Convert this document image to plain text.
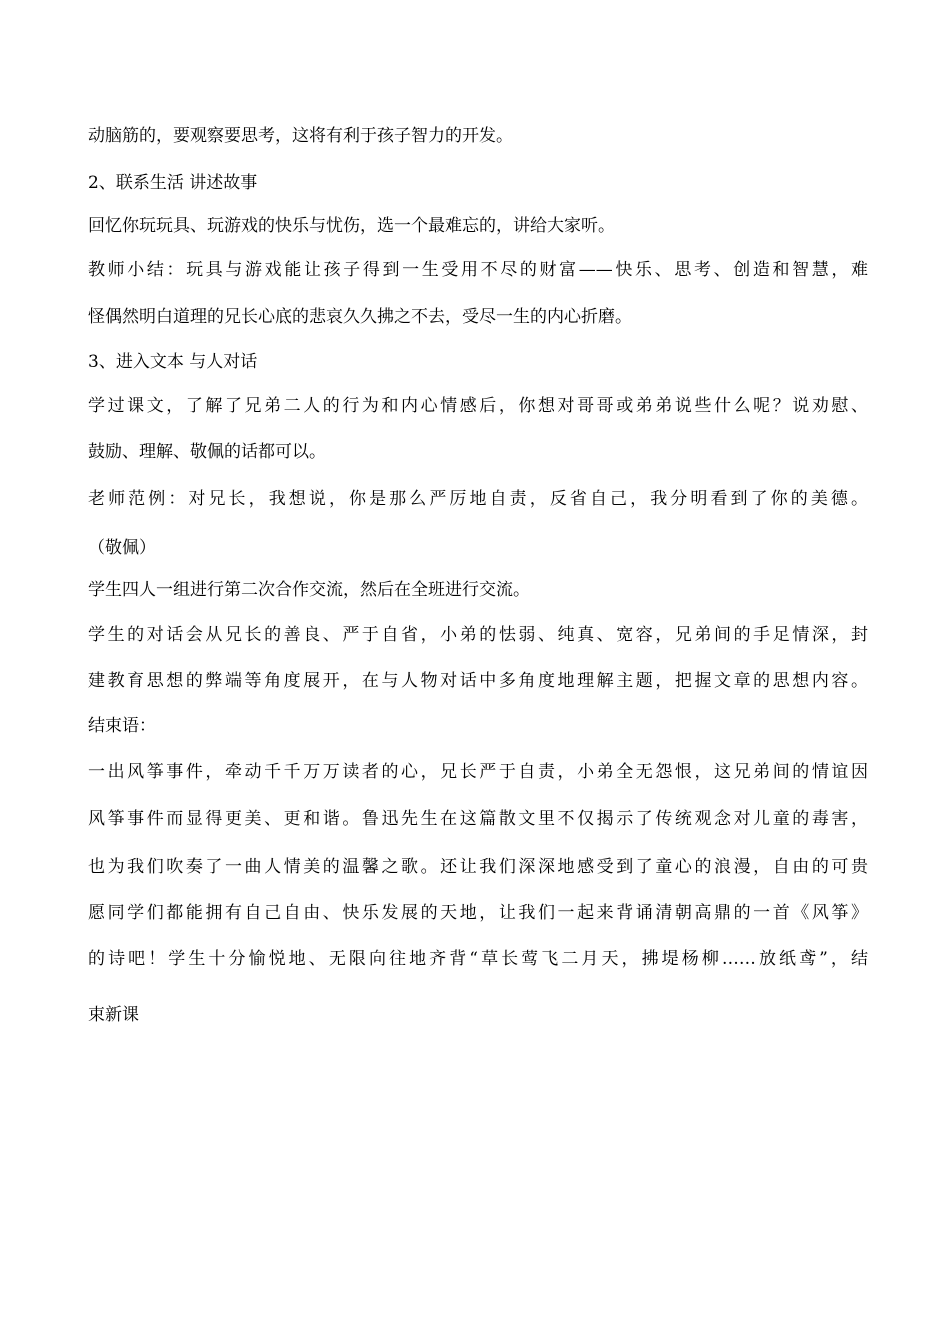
动脑筋的，要观察要思考，这将有利于孩子智力的开发。
2、联系生活 讲述故事
回忆你玩玩具、玩游戏的快乐与忧伤，选一个最难忘的，讲给大家听。
教师小结：玩具与游戏能让孩子得到一生受用不尽的财富——快乐、思考、创造和智慧，难
怪偶然明白道理的兄长心底的悲哀久久拂之不去，受尽一生的内心折磨。
3、进入文本 与人对话
学过课文，了解了兄弟二人的行为和内心情感后，你想对哥哥或弟弟说些什么呢？说劝慰、
鼓励、理解、敬佩的话都可以。
老师范例：对兄长，我想说，你是那么严厉地自责，反省自己，我分明看到了你的美德。
（敬佩）
学生四人一组进行第二次合作交流，然后在全班进行交流。
学生的对话会从兄长的善良、严于自省，小弟的怯弱、纯真、宽容，兄弟间的手足情深，封
建教育思想的弊端等角度展开，在与人物对话中多角度地理解主题，把握文章的思想内容。
结束语：
一出风筝事件，牵动千千万万读者的心，兄长严于自责，小弟全无怨恨，这兄弟间的情谊因
风筝事件而显得更美、更和谐。鲁迅先生在这篇散文里不仅揭示了传统观念对儿童的毒害，
也为我们吹奏了一曲人情美的温馨之歌。还让我们深深地感受到了童心的浪漫，自由的可贵
愿同学们都能拥有自己自由、快乐发展的天地，让我们一起来背诵清朝高鼎的一首《风筝》
的诗吧！学生十分愉悦地、无限向往地齐背“草长莺飞二月天，拂堤杨柳……放纸鸢”，结
束新课
